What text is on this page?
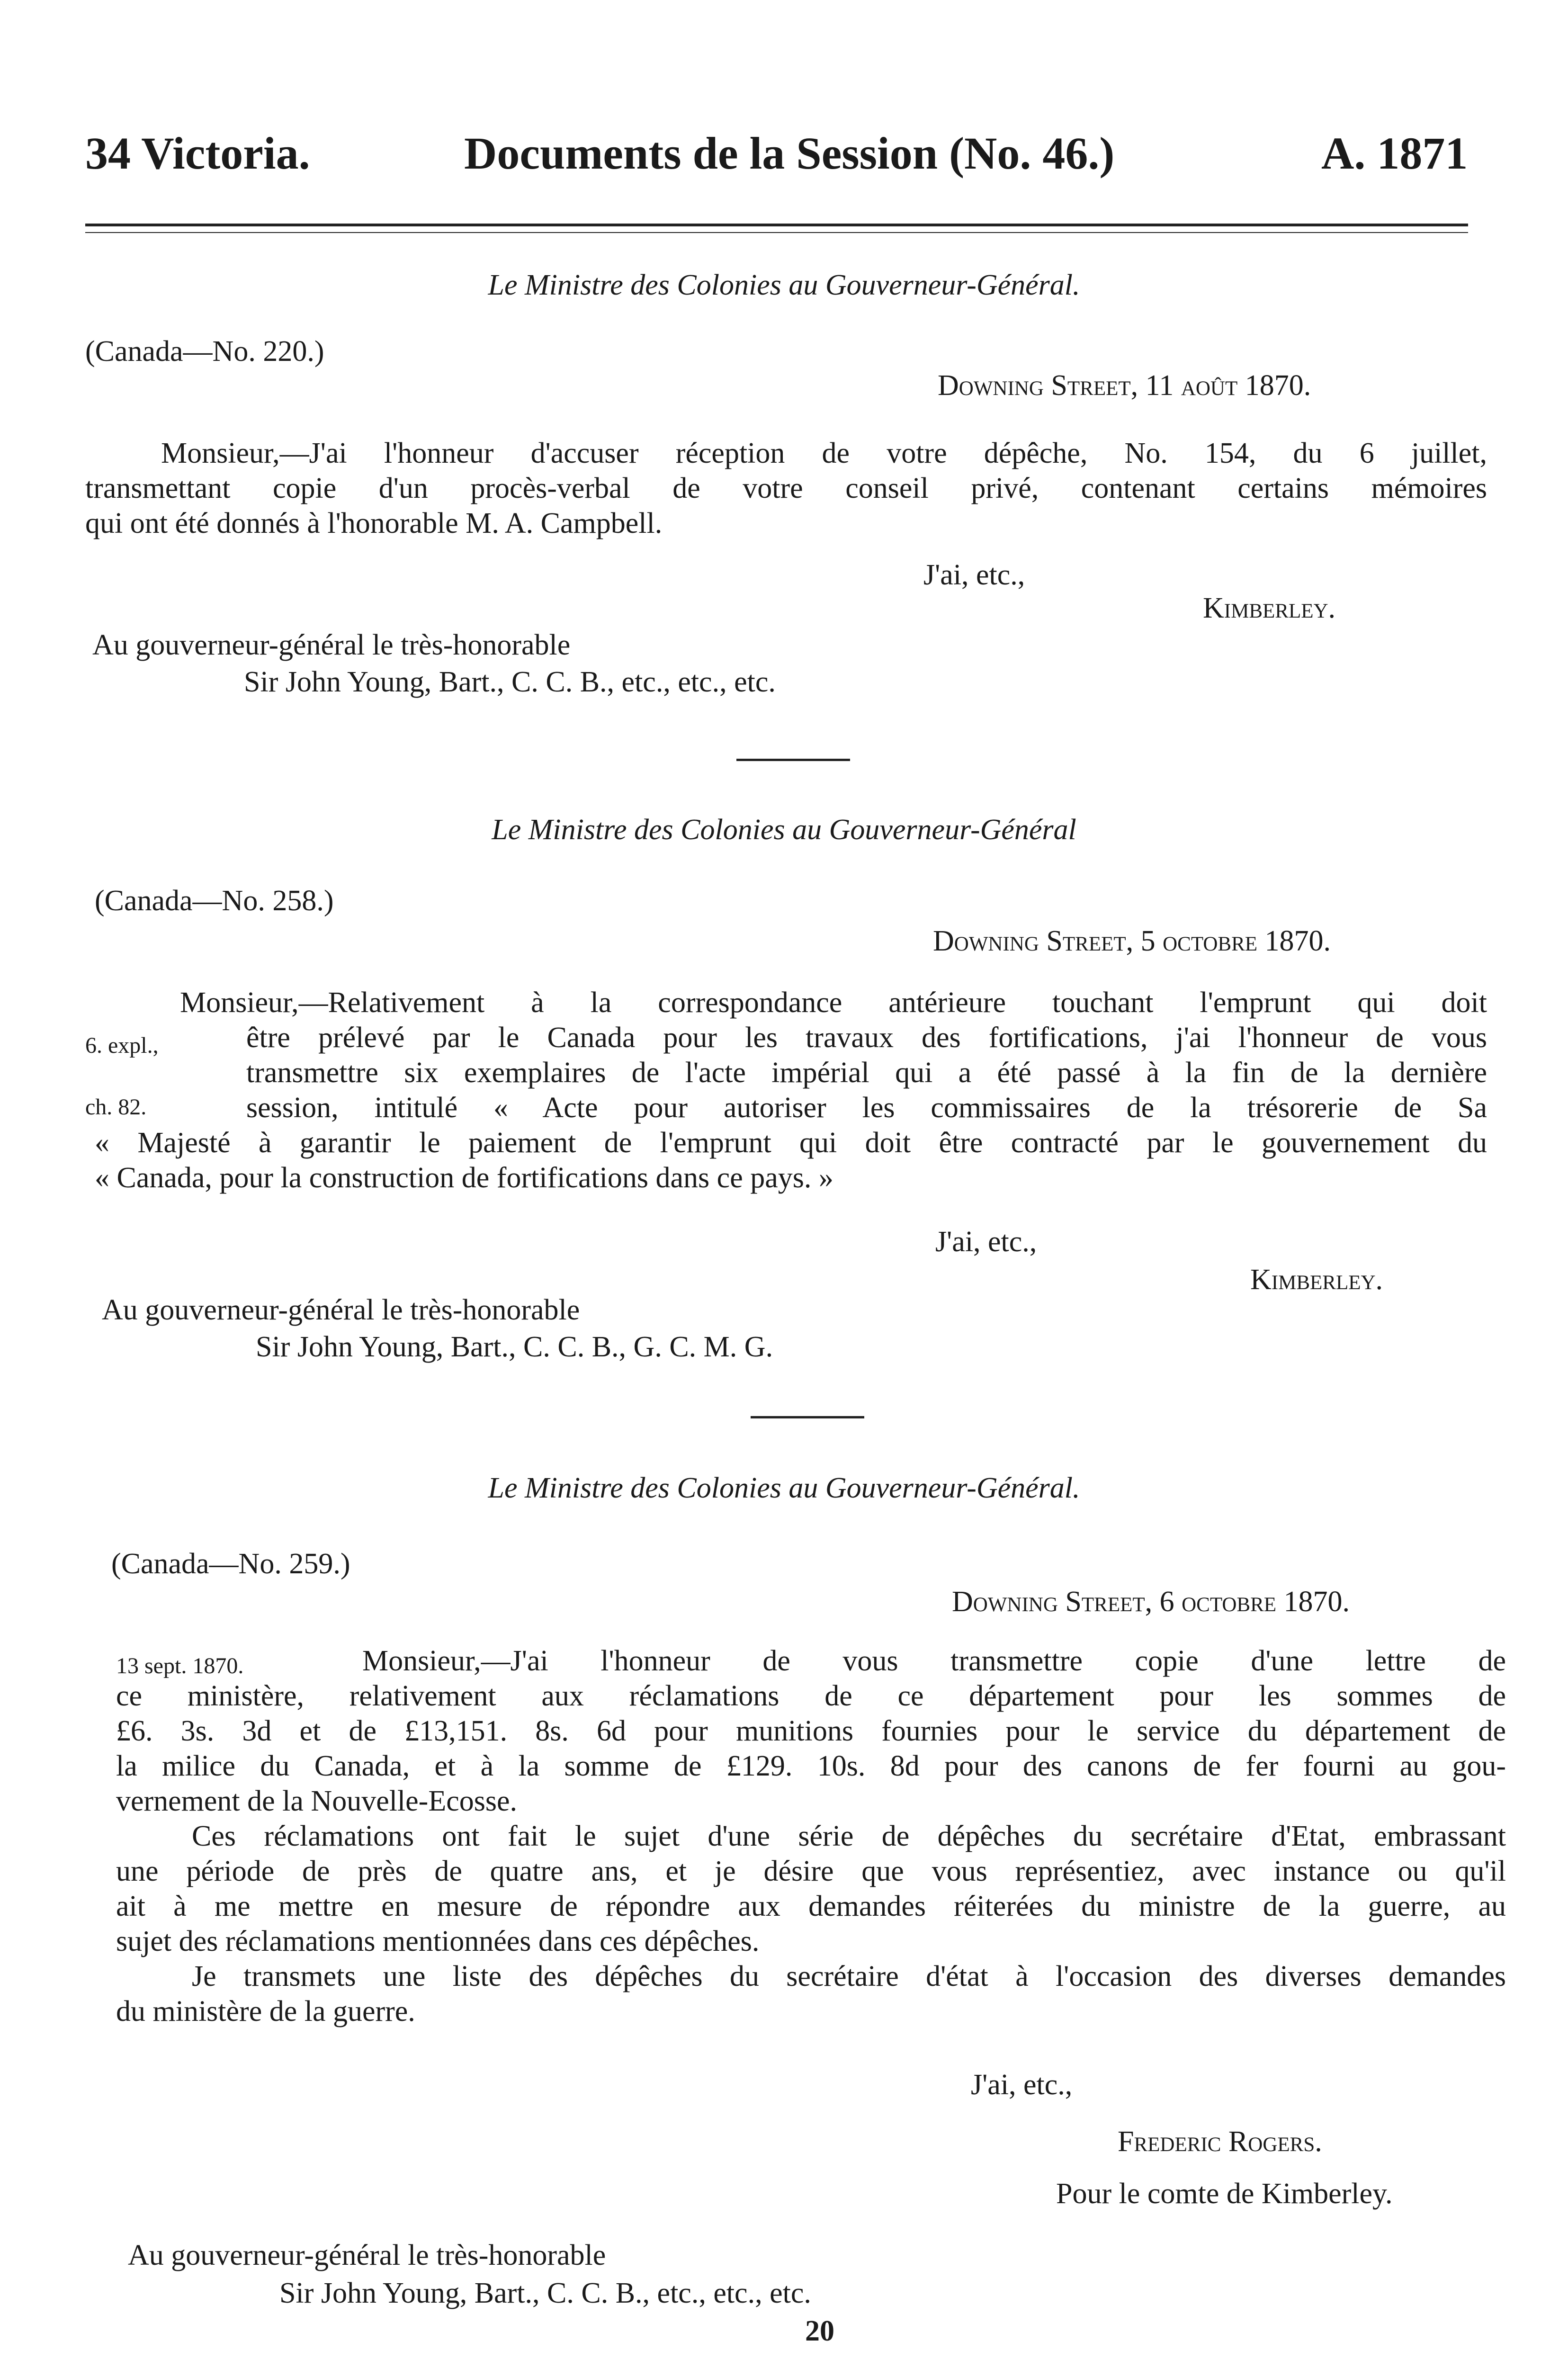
34 Victoria.	Documents de la Session (No. 46.)	A. 1871
Le Ministre des Colonies au Gouverneur-Général.
(Canada—No. 220.)
Downing Street, 11 août 1870.
Monsieur,—J'ai l'honneur d'accuser réception de votre dépêche, No. 154, du 6 juillet,
transmettant copie d'un procès-verbal de votre conseil privé, contenant certains mémoires
qui ont été donnés à l'honorable M. A. Campbell.
J'ai, etc.,
Kimberley.
Au gouverneur-général le très-honorable
Sir John Young, Bart., C. C. B., etc., etc., etc.
Le Ministre des Colonies au Gouverneur-Général
(Canada—No. 258.)
Downing Street, 5 octobre 1870.
6. expl.,
ch. 82.
Monsieur,—Relativement à la correspondance antérieure touchant l'emprunt qui doit
être prélevé par le Canada pour les travaux des fortifications, j'ai l'honneur de vous
transmettre six exemplaires de l'acte impérial qui a été passé à la fin de la dernière
session, intitulé « Acte pour autoriser les commissaires de la trésorerie de Sa
« Majesté à garantir le paiement de l'emprunt qui doit être contracté par le gouvernement du
« Canada, pour la construction de fortifications dans ce pays. »
J'ai, etc.,
Kimberley.
Au gouverneur-général le très-honorable
Sir John Young, Bart., C. C. B., G. C. M. G.
Le Ministre des Colonies au Gouverneur-Général.
(Canada—No. 259.)
Downing Street, 6 octobre 1870.
13 sept. 1870.	Monsieur,—J'ai l'honneur de vous transmettre copie d'une lettre de
ce ministère, relativement aux réclamations de ce département pour les sommes de
£6. 3s. 3d et de £13,151. 8s. 6d pour munitions fournies pour le service du département de
la milice du Canada, et à la somme de £129. 10s. 8d pour des canons de fer fourni au gou-
vernement de la Nouvelle-Ecosse.
Ces réclamations ont fait le sujet d'une série de dépêches du secrétaire d'Etat, embrassant
une période de près de quatre ans, et je désire que vous représentiez, avec instance ou qu'il
ait à me mettre en mesure de répondre aux demandes réiterées du ministre de la guerre, au
sujet des réclamations mentionnées dans ces dépêches.
Je transmets une liste des dépêches du secrétaire d'état à l'occasion des diverses demandes
du ministère de la guerre.
J'ai, etc.,
Frederic Rogers.
Pour le comte de Kimberley.
Au gouverneur-général le très-honorable
Sir John Young, Bart., C. C. B., etc., etc., etc.
20
